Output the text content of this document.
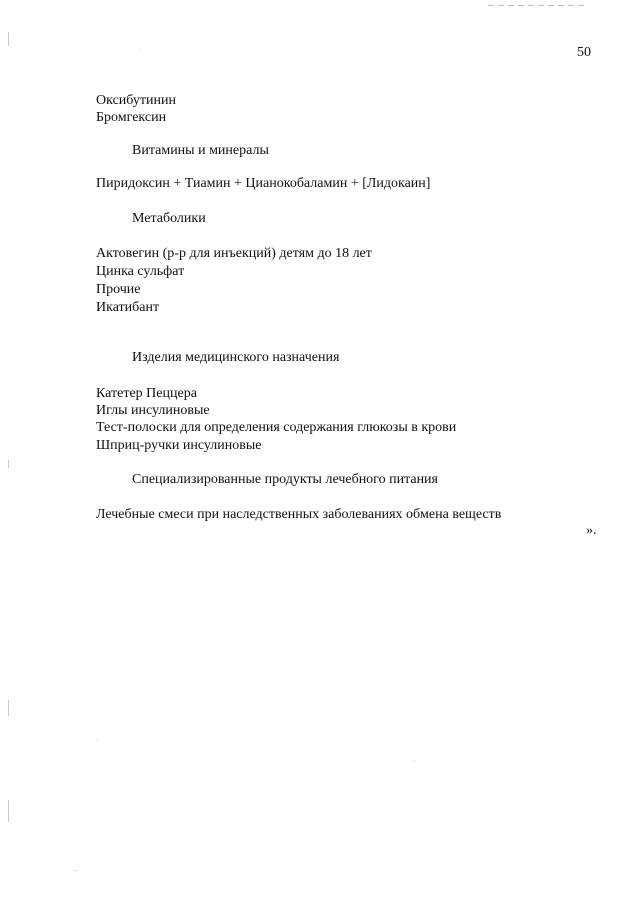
50
Оксибутинин
Бромгексин
Витамины и минералы
Пиридоксин + Тиамин + Цианокобаламин + [Лидокаин]
Метаболики
Актовегин (р-р для инъекций) детям до 18 лет
Цинка сульфат
Прочие
Икатибант
Изделия медицинского назначения
Катетер Пеццера
Иглы инсулиновые
Тест-полоски для определения содержания глюкозы в крови
Шприц-ручки инсулиновые
Специализированные продукты лечебного питания
Лечебные смеси при наследственных заболеваниях обмена веществ
».
